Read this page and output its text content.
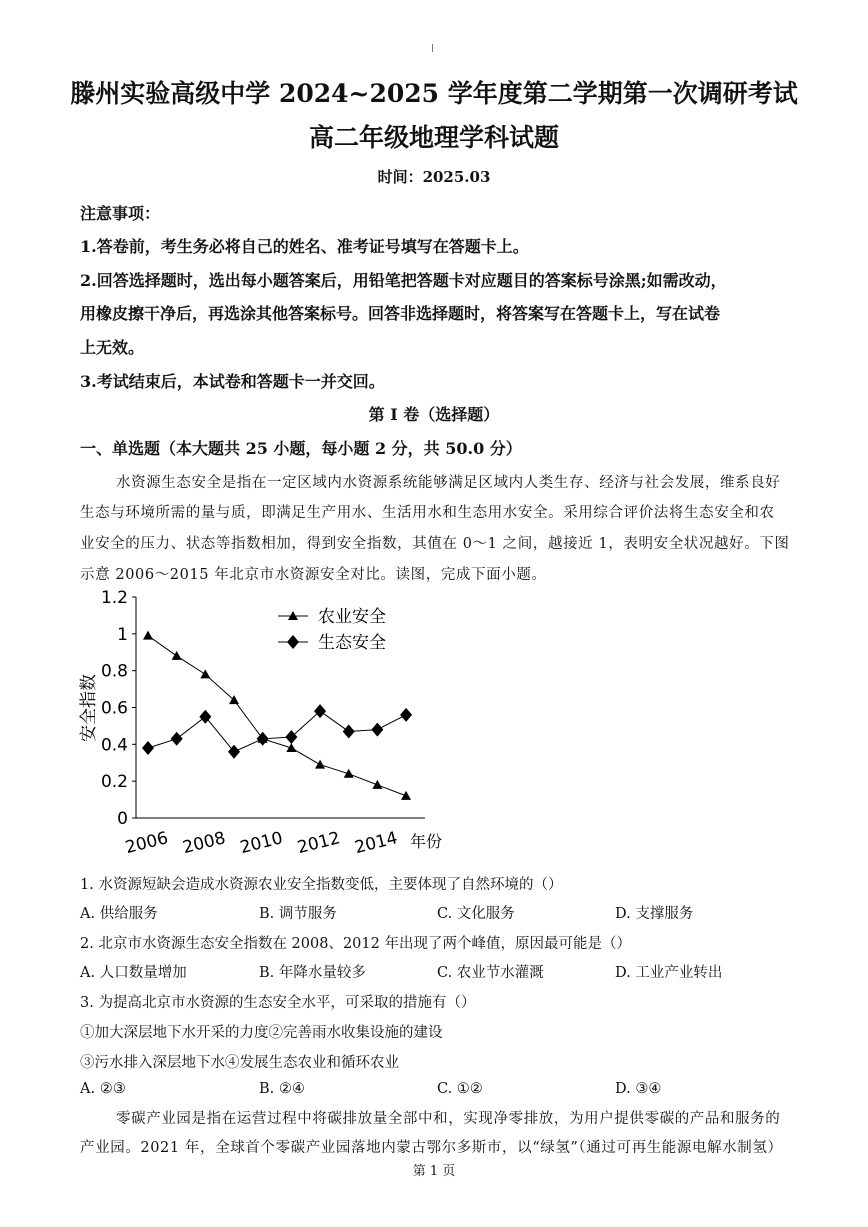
滕州实验高级中学 2024~2025 学年度第二学期第一次调研考试
高二年级地理学科试题
时间：2025.03
注意事项：
1.答卷前，考生务必将自己的姓名、准考证号填写在答题卡上。
2.回答选择题时，选出每小题答案后，用铅笔把答题卡对应题目的答案标号涂黑;如需改动，
用橡皮擦干净后，再选涂其他答案标号。回答非选择题时，将答案写在答题卡上，写在试卷
上无效。
3.考试结束后，本试卷和答题卡一并交回。
第 I 卷（选择题）
一、单选题（本大题共 25 小题，每小题 2 分，共 50.0 分）
水资源生态安全是指在一定区域内水资源系统能够满足区域内人类生存、经济与社会发展，维系良好
生态与环境所需的量与质，即满足生产用水、生活用水和生态用水安全。采用综合评价法将生态安全和农
业安全的压力、状态等指数相加，得到安全指数，其值在 0～1 之间，越接近 1，表明安全状况越好。下图
示意 2006～2015 年北京市水资源安全对比。读图，完成下面小题。
0
0.2
0.4
0.6
0.8
1
1.2
2006 2008 2010 2012 2014
农业安全
生态安全
安全指数
年份
1. 水资源短缺会造成水资源农业安全指数变低，主要体现了自然环境的（）
A. 供给服务	B. 调节服务	C. 文化服务	D. 支撑服务
2. 北京市水资源生态安全指数在 2008、2012 年出现了两个峰值，原因最可能是（）
A. 人口数量增加	B. 年降水量较多	C. 农业节水灌溉	D. 工业产业转出
3. 为提高北京市水资源的生态安全水平，可采取的措施有（）
①加大深层地下水开采的力度②完善雨水收集设施的建设
③污水排入深层地下水④发展生态农业和循环农业
A. ②③	B. ②④	C. ①②	D. ③④
零碳产业园是指在运营过程中将碳排放量全部中和，实现净零排放，为用户提供零碳的产品和服务的
产业园。2021 年，全球首个零碳产业园落地内蒙古鄂尔多斯市，以“绿氢”（通过可再生能源电解水制氢）
第 1 页
